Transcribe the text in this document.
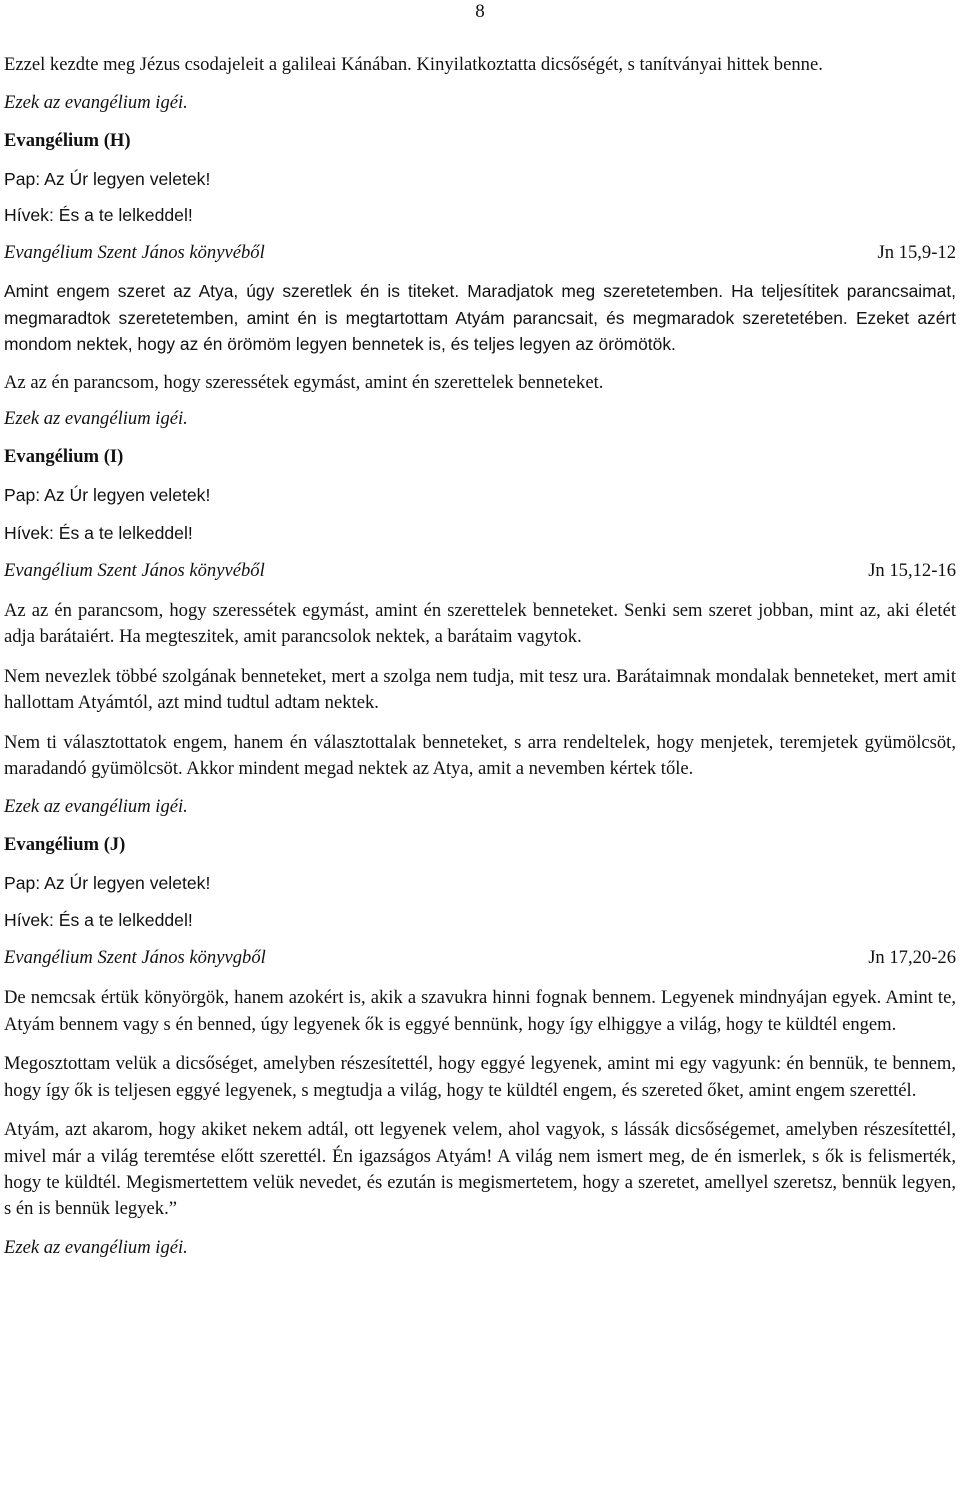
8

Ezzel kezdte meg Jézus csodajeleit a galileai Kánában. Kinyilatkoztatta dicsőségét, s tanítványai hittek benne.

Ezek az evangélium igéi.

Evangélium (H)

Pap: Az Úr legyen veletek!

Hívek: És a te lelkeddel!

Evangélium Szent János könyvéből	Jn 15,9-12

Amint engem szeret az Atya, úgy szeretlek én is titeket. Maradjatok meg szeretetemben. Ha teljesítitek parancsaimat, megmaradtok szeretetemben, amint én is megtartottam Atyám parancsait, és megmaradok szeretetében. Ezeket azért mondom nektek, hogy az én örömöm legyen bennetek is, és teljes legyen az örömötök.

Az az én parancsom, hogy szeressétek egymást, amint én szerettelek benneteket.

Ezek az evangélium igéi.

Evangélium (I)

Pap: Az Úr legyen veletek!

Hívek: És a te lelkeddel!

Evangélium Szent János könyvéből	Jn 15,12-16

Az az én parancsom, hogy szeressétek egymást, amint én szerettelek benneteket. Senki sem szeret jobban, mint az, aki életét adja barátaiért. Ha megteszitek, amit parancsolok nektek, a barátaim vagytok.

Nem nevezlek többé szolgának benneteket, mert a szolga nem tudja, mit tesz ura. Barátaimnak mondalak benneteket, mert amit hallottam Atyámtól, azt mind tudtul adtam nektek.

Nem ti választottatok engem, hanem én választottalak benneteket, s arra rendeltelek, hogy menjetek, teremjetek gyümölcsöt, maradandó gyümölcsöt. Akkor mindent megad nektek az Atya, amit a nevemben kértek tőle.

Ezek az evangélium igéi.

Evangélium (J)

Pap: Az Úr legyen veletek!

Hívek: És a te lelkeddel!

Evangélium Szent János könyvgből	Jn 17,20-26

De nemcsak értük könyörgök, hanem azokért is, akik a szavukra hinni fognak bennem. Legyenek mindnyájan egyek. Amint te, Atyám bennem vagy s én benned, úgy legyenek ők is eggyé bennünk, hogy így elhiggye a világ, hogy te küldtél engem.

Megosztottam velük a dicsőséget, amelyben részesítettél, hogy eggyé legyenek, amint mi egy vagyunk: én bennük, te bennem, hogy így ők is teljesen eggyé legyenek, s megtudja a világ, hogy te küldtél engem, és szereted őket, amint engem szerettél.

Atyám, azt akarom, hogy akiket nekem adtál, ott legyenek velem, ahol vagyok, s lássák dicsőségemet, amelyben részesítettél, mivel már a világ teremtése előtt szerettél. Én igazságos Atyám! A világ nem ismert meg, de én ismerlek, s ők is felismerték, hogy te küldtél. Megismertettem velük nevedet, és ezután is megismertetem, hogy a szeretet, amellyel szeretsz, bennük legyen, s én is bennük legyek.”

Ezek az evangélium igéi.
